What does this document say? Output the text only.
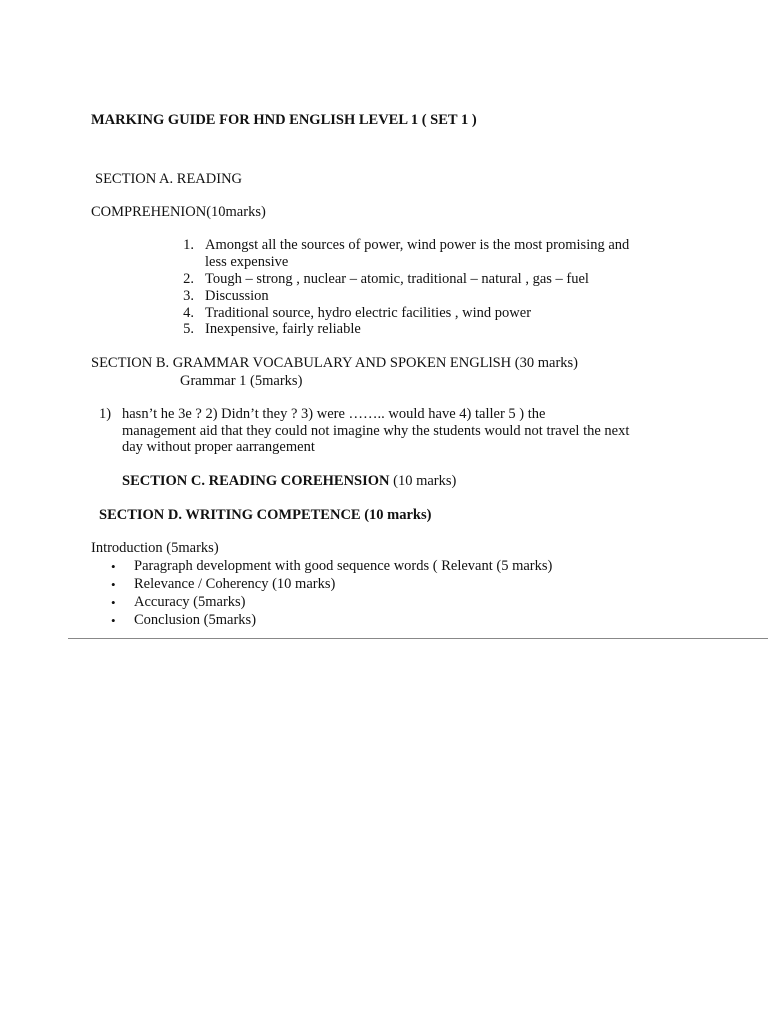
MARKING GUIDE FOR HND ENGLISH LEVEL 1 ( SET 1 )
SECTION A. READING
COMPREHENION(10marks)
1. Amongst all the sources of power, wind power is the most promising and
less expensive
2. Tough – strong , nuclear – atomic, traditional – natural , gas – fuel
3. Discussion
4. Traditional source, hydro electric facilities , wind power
5. Inexpensive, fairly reliable
SECTION B. GRAMMAR VOCABULARY AND SPOKEN ENGLlSH (30 marks)
Grammar 1 (5marks)
1) hasn’t he 3e ? 2) Didn’t they ? 3) were …….. would have 4) taller 5 ) the
management aid that they could not imagine why the students would not travel the next
day without proper aarrangement
SECTION C. READING COREHENSION (10 marks)
SECTION D. WRITING COMPETENCE (10 marks)
Introduction (5marks)
• Paragraph development with good sequence words ( Relevant (5 marks)
• Relevance / Coherency (10 marks)
• Accuracy (5marks)
• Conclusion (5marks)
